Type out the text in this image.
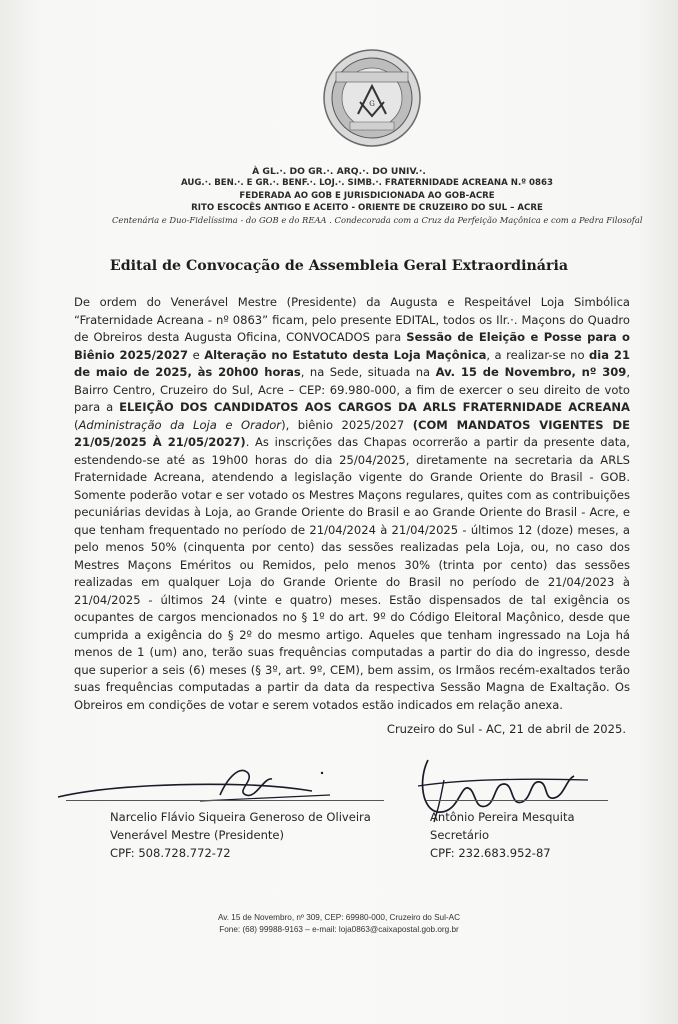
G
À GL.·. DO GR.·. ARQ.·. DO UNIV.·.
AUG.·. BEN.·. E GR.·. BENF.·. LOJ.·. SIMB.·. FRATERNIDADE ACREANA N.º 0863
FEDERADA AO GOB E JURISDICIONADA AO GOB-ACRE
RITO ESCOCÊS ANTIGO E ACEITO - ORIENTE DE CRUZEIRO DO SUL – ACRE
Centenária e Duo-Fidelíssima - do GOB e do REAA . Condecorada com a Cruz da Perfeição Maçônica e com a Pedra Filosofal
Edital de Convocação de Assembleia Geral Extraordinária
De ordem do Venerável Mestre (Presidente) da Augusta e Respeitável Loja Simbólica “Fraternidade Acreana - nº 0863” ficam, pelo presente EDITAL, todos os Ilr.·. Maçons do Quadro de Obreiros desta Augusta Oficina, CONVOCADOS para Sessão de Eleição e Posse para o Biênio 2025/2027 e Alteração no Estatuto desta Loja Maçônica, a realizar-se no dia 21 de maio de 2025, às 20h00 horas, na Sede, situada na Av. 15 de Novembro, nº 309, Bairro Centro, Cruzeiro do Sul, Acre – CEP: 69.980-000, a fim de exercer o seu direito de voto para a ELEIÇÃO DOS CANDIDATOS AOS CARGOS DA ARLS FRATERNIDADE ACREANA (Administração da Loja e Orador), biênio 2025/2027 (COM MANDATOS VIGENTES DE 21/05/2025 À 21/05/2027). As inscrições das Chapas ocorrerão a partir da presente data, estendendo-se até as 19h00 horas do dia 25/04/2025, diretamente na secretaria da ARLS Fraternidade Acreana, atendendo a legislação vigente do Grande Oriente do Brasil - GOB. Somente poderão votar e ser votado os Mestres Maçons regulares, quites com as contribuições pecuniárias devidas à Loja, ao Grande Oriente do Brasil e ao Grande Oriente do Brasil - Acre, e que tenham frequentado no período de 21/04/2024 à 21/04/2025 - últimos 12 (doze) meses, a pelo menos 50% (cinquenta por cento) das sessões realizadas pela Loja, ou, no caso dos Mestres Maçons Eméritos ou Remidos, pelo menos 30% (trinta por cento) das sessões realizadas em qualquer Loja do Grande Oriente do Brasil no período de 21/04/2023 à 21/04/2025 - últimos 24 (vinte e quatro) meses. Estão dispensados de tal exigência os ocupantes de cargos mencionados no § 1º do art. 9º do Código Eleitoral Maçônico, desde que cumprida a exigência do § 2º do mesmo artigo. Aqueles que tenham ingressado na Loja há menos de 1 (um) ano, terão suas frequências computadas a partir do dia do ingresso, desde que superior a seis (6) meses (§ 3º, art. 9º, CEM), bem assim, os Irmãos recém-exaltados terão suas frequências computadas a partir da data da respectiva Sessão Magna de Exaltação. Os Obreiros em condições de votar e serem votados estão indicados em relação anexa.
Cruzeiro do Sul - AC, 21 de abril de 2025.
Narcelio Flávio Siqueira Generoso de Oliveira
Venerável Mestre (Presidente)
CPF: 508.728.772-72
Antônio Pereira Mesquita
Secretário
CPF: 232.683.952-87
Av. 15 de Novembro, nº 309, CEP: 69980-000, Cruzeiro do Sul-AC
Fone: (68) 99988-9163 – e-mail: loja0863@caixapostal.gob.org.br
